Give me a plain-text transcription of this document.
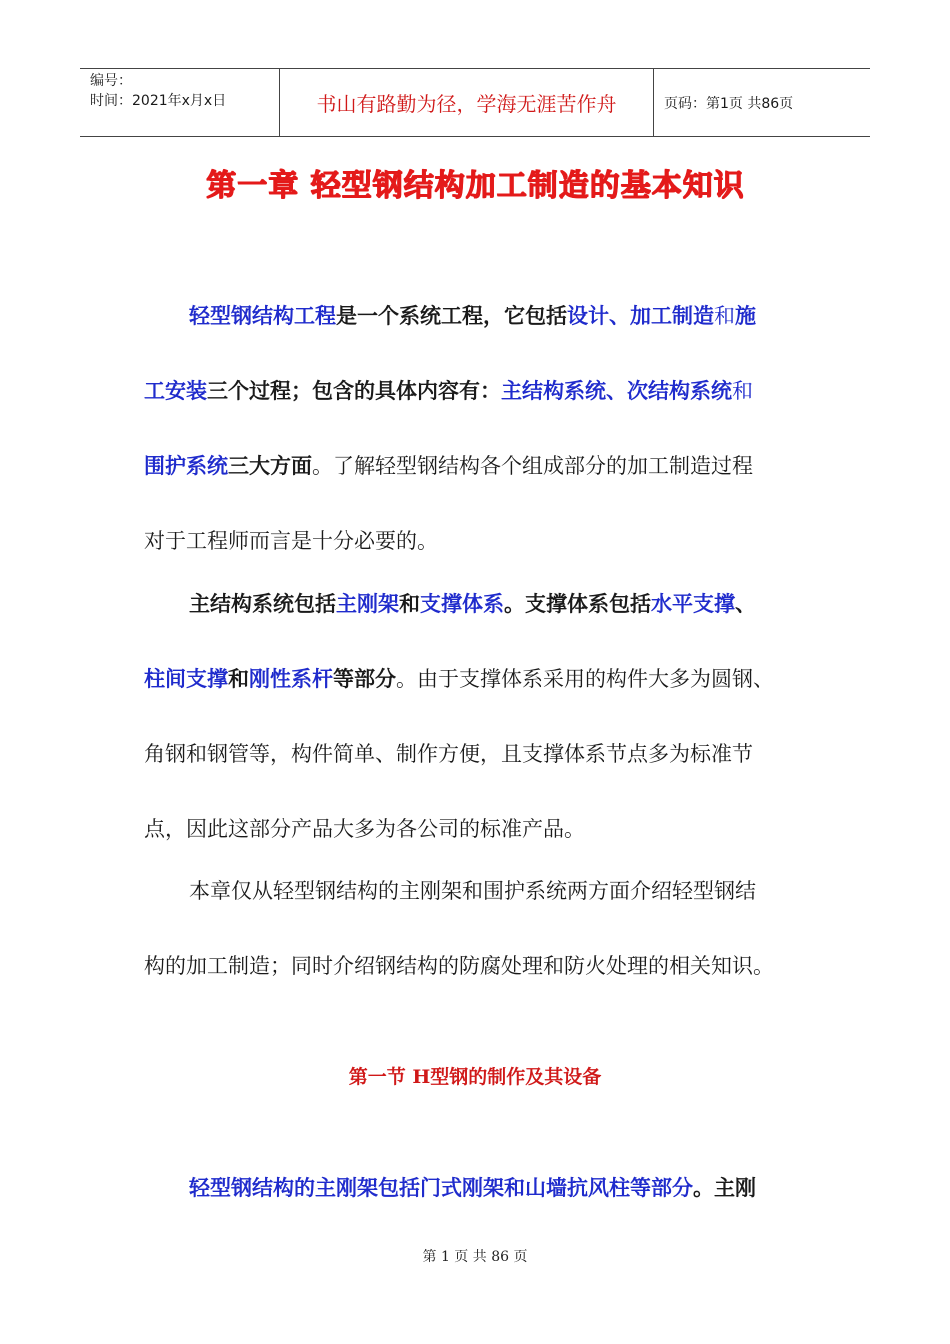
编号：
时间：2021年x月x日	书山有路勤为径，学海无涯苦作舟	页码：第1页 共86页
第一章 轻型钢结构加工制造的基本知识
轻型钢结构工程是一个系统工程，它包括设计、加工制造和施
工安装三个过程；包含的具体内容有：主结构系统、次结构系统和
围护系统三大方面。了解轻型钢结构各个组成部分的加工制造过程
对于工程师而言是十分必要的。
主结构系统包括主刚架和支撑体系。支撑体系包括水平支撑、
柱间支撑和刚性系杆等部分。由于支撑体系采用的构件大多为圆钢、
角钢和钢管等，构件简单、制作方便，且支撑体系节点多为标准节
点，因此这部分产品大多为各公司的标准产品。
本章仅从轻型钢结构的主刚架和围护系统两方面介绍轻型钢结
构的加工制造；同时介绍钢结构的防腐处理和防火处理的相关知识。
第一节 H型钢的制作及其设备
轻型钢结构的主刚架包括门式刚架和山墙抗风柱等部分。主刚
第 1 页 共 86 页
